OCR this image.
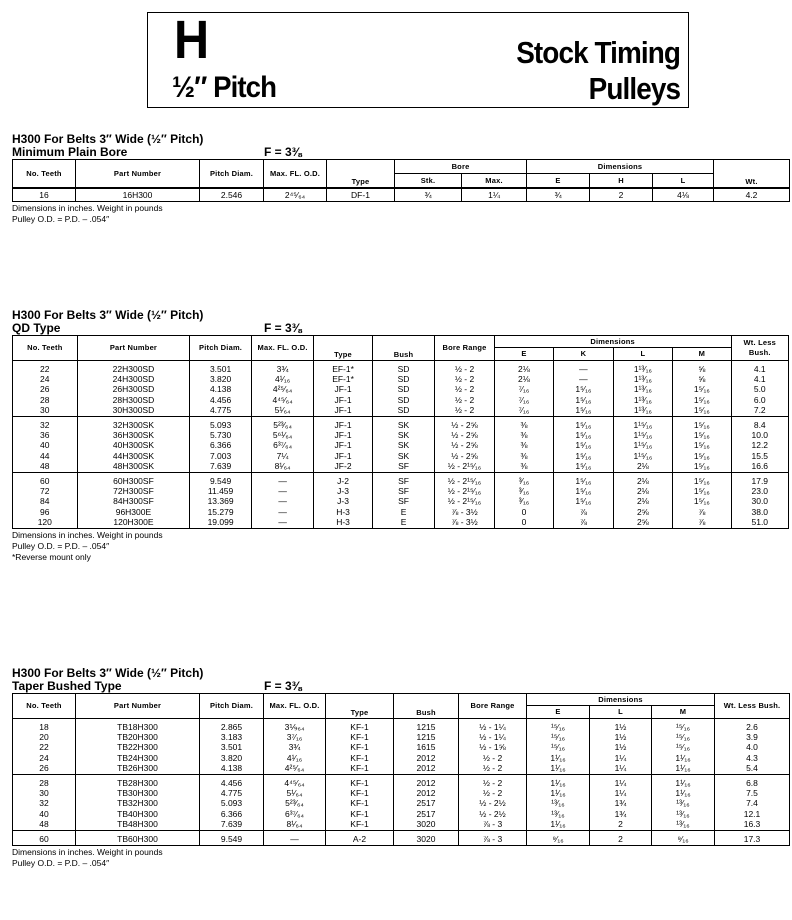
H
½″ Pitch
Stock Timing
Pulleys
H300 For Belts 3″ Wide (½″ Pitch)
Minimum Plain Bore	F = 3⅜
No. Teeth	Part Number	Pitch Diam.	Max. FL. O.D.	Type	Bore		Dimensions			Wt.
					Stk.	Max.	E	H	L	
16	16H300	2.546	2⁴⁵⁄₆₄	DF-1	¾	1¼	¾	2	4⅛	4.2
Dimensions in inches. Weight in pounds
Pulley O.D. = P.D. – .054″
H300 For Belts 3″ Wide (½″ Pitch)
QD Type	F = 3⅜
No. Teeth	Part Number	Pitch Diam.	Max. FL. O.D.	Type	Bush	Bore Range	Dimensions				Wt. Less Bush.
							E	K	L	M	
22	22H300SD	3.501	3¾	EF-1*	SD	½ - 2	2⅛	—	1¹³⁄₁₆	⅝	4.1
24	24H300SD	3.820	4¹⁄₁₆	EF-1*	SD	½ - 2	2⅛	—	1¹³⁄₁₆	⅝	4.1
26	26H300SD	4.138	4²⁵⁄₆₄	JF-1	SD	½ - 2	⁷⁄₁₆	1⁵⁄₁₆	1¹³⁄₁₆	1⁵⁄₁₆	5.0
28	28H300SD	4.456	4⁴⁵⁄₆₄	JF-1	SD	½ - 2	⁷⁄₁₆	1⁵⁄₁₆	1¹³⁄₁₆	1⁵⁄₁₆	6.0
30	30H300SD	4.775	5¹⁄₆₄	JF-1	SD	½ - 2	⁷⁄₁₆	1⁵⁄₁₆	1¹³⁄₁₆	1⁵⁄₁₆	7.2
32	32H300SK	5.093	5²³⁄₆₄	JF-1	SK	½ - 2⅝	⅜	1⁵⁄₁₆	1¹⁵⁄₁₆	1⁵⁄₁₆	8.4
36	36H300SK	5.730	5⁶¹⁄₆₄	JF-1	SK	½ - 2⅝	⅜	1⁵⁄₁₆	1¹⁵⁄₁₆	1⁵⁄₁₆	10.0
40	40H300SK	6.366	6³⁷⁄₆₄	JF-1	SK	½ - 2⅝	⅜	1⁵⁄₁₆	1¹⁵⁄₁₆	1⁵⁄₁₆	12.2
44	44H300SK	7.003	7¼	JF-1	SK	½ - 2⅝	⅜	1⁵⁄₁₆	1¹⁵⁄₁₆	1⁵⁄₁₆	15.5
48	48H300SK	7.639	8¹⁄₆₄	JF-2	SF	½ - 2¹⁵⁄₁₆	⅜	1⁵⁄₁₆	2⅛	1⁵⁄₁₆	16.6
60	60H300SF	9.549	—	J-2	SF	½ - 2¹⁵⁄₁₆	³⁄₁₆	1⁵⁄₁₆	2⅛	1⁵⁄₁₆	17.9
72	72H300SF	11.459	—	J-3	SF	½ - 2¹⁵⁄₁₆	³⁄₁₆	1⁵⁄₁₆	2⅛	1⁵⁄₁₆	23.0
84	84H300SF	13.369	—	J-3	SF	½ - 2¹⁵⁄₁₆	³⁄₁₆	1⁵⁄₁₆	2⅛	1⁵⁄₁₆	30.0
96	96H300E	15.279	—	H-3	E	⅞ - 3½	0	⅞	2⅝	⅞	38.0
120	120H300E	19.099	—	H-3	E	⅞ - 3½	0	⅞	2⅝	⅞	51.0
Dimensions in inches. Weight in pounds
Pulley O.D. = P.D. – .054″
*Reverse mount only
H300 For Belts 3″ Wide (½″ Pitch)
Taper Bushed Type	F = 3⅜
No. Teeth	Part Number	Pitch Diam.	Max. FL. O.D.	Type	Bush	Bore Range	Dimensions			Wt. Less Bush.
							E	L	M	
18	TB18H300	2.865	3⅑₆₄	KF-1	1215	½ - 1¼	¹⁵⁄₁₆	1½	¹⁵⁄₁₆	2.6
20	TB20H300	3.183	3⁷⁄₁₆	KF-1	1215	½ - 1¼	¹⁵⁄₁₆	1½	¹⁵⁄₁₆	3.9
22	TB22H300	3.501	3¾	KF-1	1615	½ - 1⅝	¹⁵⁄₁₆	1½	¹⁵⁄₁₆	4.0
24	TB24H300	3.820	4¹⁄₁₆	KF-1	2012	½ - 2	1¹⁄₁₆	1¼	1¹⁄₁₆	4.3
26	TB26H300	4.138	4²⁵⁄₆₄	KF-1	2012	½ - 2	1¹⁄₁₆	1¼	1¹⁄₁₆	5.4
28	TB28H300	4.456	4⁴⁵⁄₆₄	KF-1	2012	½ - 2	1¹⁄₁₆	1¼	1¹⁄₁₆	6.8
30	TB30H300	4.775	5¹⁄₆₄	KF-1	2012	½ - 2	1¹⁄₁₆	1¼	1¹⁄₁₆	7.5
32	TB32H300	5.093	5²³⁄₆₄	KF-1	2517	½ - 2½	¹³⁄₁₆	1¾	¹³⁄₁₆	7.4
40	TB40H300	6.366	6³⁷⁄₆₄	KF-1	2517	½ - 2½	¹³⁄₁₆	1¾	¹³⁄₁₆	12.1
48	TB48H300	7.639	8¹⁄₆₄	KF-1	3020	⅞ - 3	1¹⁄₁₆	2	¹³⁄₁₆	16.3
60	TB60H300	9.549	—	A-2	3020	⅞ - 3	⁹⁄₁₆	2	⁹⁄₁₆	17.3
Dimensions in inches. Weight in pounds
Pulley O.D. = P.D. – .054″
